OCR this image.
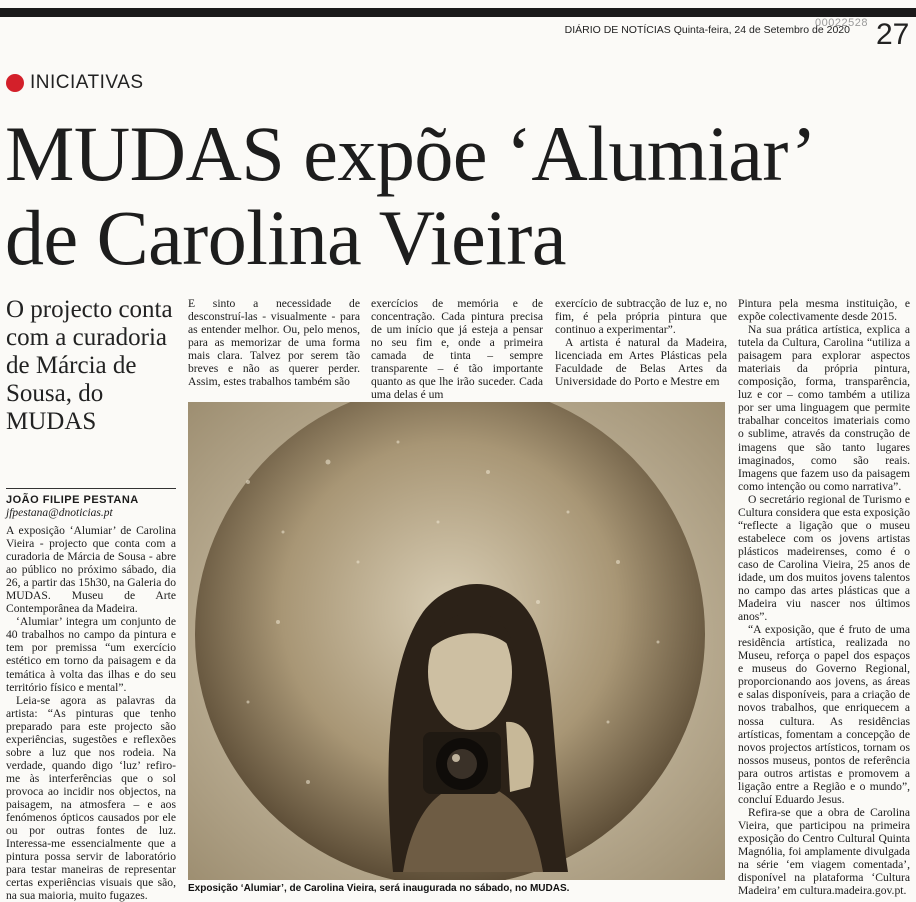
00022528
DIÁRIO DE NOTÍCIAS Quinta-feira, 24 de Setembro de 2020 27
INICIATIVAS
MUDAS expõe ‘Alumiar’
de Carolina Vieira

O projecto conta com a curadoria de Márcia de Sousa, do MUDAS

JOÃO FILIPE PESTANA
jfpestana@dnoticias.pt

A exposição ‘Alumiar’ de Carolina Vieira - projecto que conta com a curadoria de Márcia de Sousa - abre ao público no próximo sábado, dia 26, a partir das 15h30, na Galeria do MUDAS. Museu de Arte Contemporânea da Madeira.

‘Alumiar’ integra um conjunto de 40 trabalhos no campo da pintura e tem por premissa “um exercício estético em torno da paisagem e da temática à volta das ilhas e do seu território físico e mental”.

Leia-se agora as palavras da artista: “As pinturas que tenho preparado para este projecto são experiências, sugestões e reflexões sobre a luz que nos rodeia. Na verdade, quando digo ‘luz’ refiro-me às interferências que o sol provoca ao incidir nos objectos, na paisagem, na atmosfera – e aos fenómenos ópticos causados por ele ou por outras fontes de luz. Interessa-me essencialmente que a pintura possa servir de laboratório para testar maneiras de representar certas experiências visuais que são, na sua maioria, muito fugazes.

E sinto a necessidade de desconstruí-las - visualmente - para as entender melhor. Ou, pelo menos, para as memorizar de uma forma mais clara. Talvez por serem tão breves e não as querer perder. Assim, estes trabalhos também são

exercícios de memória e de concentração. Cada pintura precisa de um início que já esteja a pensar no seu fim e, onde a primeira camada de tinta – sempre transparente – é tão importante quanto as que lhe irão suceder. Cada uma delas é um

exercício de subtracção de luz e, no fim, é pela própria pintura que continuo a experimentar”.

A artista é natural da Madeira, licenciada em Artes Plásticas pela Faculdade de Belas Artes da Universidade do Porto e Mestre em

Pintura pela mesma instituição, e expõe colectivamente desde 2015.

Na sua prática artística, explica a tutela da Cultura, Carolina “utiliza a paisagem para explorar aspectos materiais da própria pintura, composição, forma, transparência, luz e cor – como também a utiliza por ser uma linguagem que permite trabalhar conceitos imateriais como o sublime, através da construção de imagens que são tanto lugares imaginados, como são reais. Imagens que fazem uso da paisagem como intenção ou como narrativa”.

O secretário regional de Turismo e Cultura considera que esta exposição “reflecte a ligação que o museu estabelece com os jovens artistas plásticos madeirenses, como é o caso de Carolina Vieira, 25 anos de idade, um dos muitos jovens talentos no campo das artes plásticas que a Madeira viu nascer nos últimos anos”.

“A exposição, que é fruto de uma residência artística, realizada no Museu, reforça o papel dos espaços e museus do Governo Regional, proporcionando aos jovens, as áreas e salas disponíveis, para a criação de novos trabalhos, que enriquecem a nossa cultura. As residências artísticas, fomentam a concepção de novos projectos artísticos, tornam os nossos museus, pontos de referência para outros artistas e promovem a ligação entre a Região e o mundo”, concluí Eduardo Jesus.

Refira-se que a obra de Carolina Vieira, que participou na primeira exposição do Centro Cultural Quinta Magnólia, foi amplamente divulgada na série ‘em viagem comentada’, disponível na plataforma ‘Cultura Madeira’ em cultura.madeira.gov.pt.

Exposição ‘Alumiar’, de Carolina Vieira, será inaugurada no sábado, no MUDAS.
